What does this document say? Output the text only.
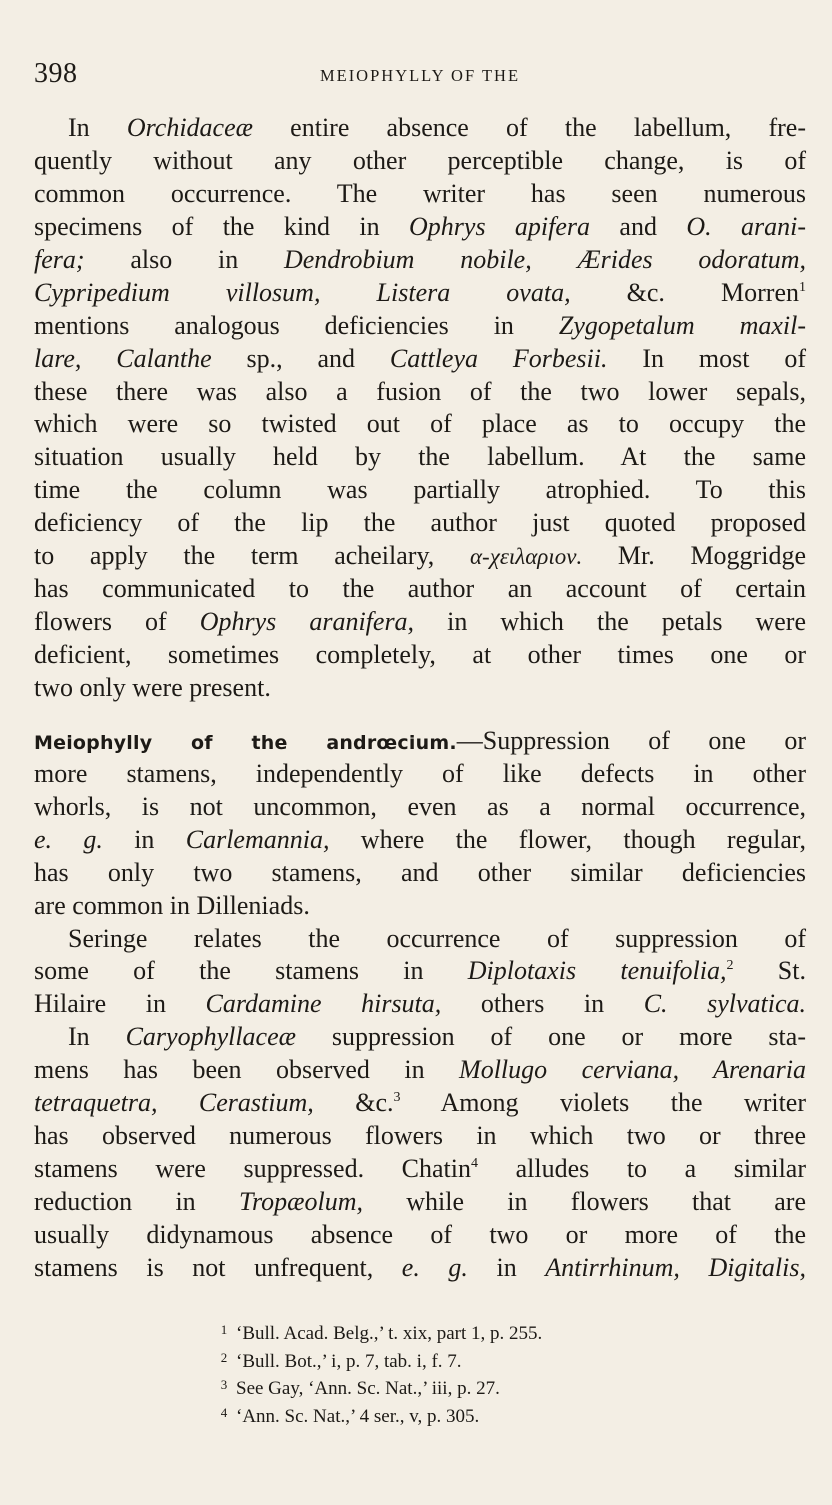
398	MEIOPHYLLY OF THE
In Orchidaceæ entire absence of the labellum, fre-
quently without any other perceptible change, is of
common occurrence. The writer has seen numerous
specimens of the kind in Ophrys apifera and O. arani-
fera; also in Dendrobium nobile, Ærides odoratum,
Cypripedium villosum, Listera ovata, &c. Morren$^1$
mentions analogous deficiencies in Zygopetalum maxil-
lare, Calanthe sp., and Cattleya Forbesii. In most of
these there was also a fusion of the two lower sepals,
which were so twisted out of place as to occupy the
situation usually held by the labellum. At the same
time the column was partially atrophied. To this
deficiency of the lip the author just quoted proposed
to apply the term acheilary, α-χειλαριον. Mr. Moggridge
has communicated to the author an account of certain
flowers of Ophrys aranifera, in which the petals were
deficient, sometimes completely, at other times one or
two only were present.
Meiophylly of the andrœcium.—Suppression of one or
more stamens, independently of like defects in other
whorls, is not uncommon, even as a normal occurrence,
e. g. in Carlemannia, where the flower, though regular,
has only two stamens, and other similar deficiencies
are common in Dilleniads.
Seringe relates the occurrence of suppression of
some of the stamens in Diplotaxis tenuifolia,$^2$ St.
Hilaire in Cardamine hirsuta, others in C. sylvatica.
In Caryophyllaceæ suppression of one or more sta-
mens has been observed in Mollugo cerviana, Arenaria
tetraquetra, Cerastium, &c.$^3$ Among violets the writer
has observed numerous flowers in which two or three
stamens were suppressed. Chatin$^4$ alludes to a similar
reduction in Tropæolum, while in flowers that are
usually didynamous absence of two or more of the
stamens is not unfrequent, e. g. in Antirrhinum, Digitalis,
1 ‘Bull. Acad. Belg.,’ t. xix, part 1, p. 255.
2 ‘Bull. Bot.,’ i, p. 7, tab. i, f. 7.
3 See Gay, ‘Ann. Sc. Nat.,’ iii, p. 27.
4 ‘Ann. Sc. Nat.,’ 4 ser., v, p. 305.
